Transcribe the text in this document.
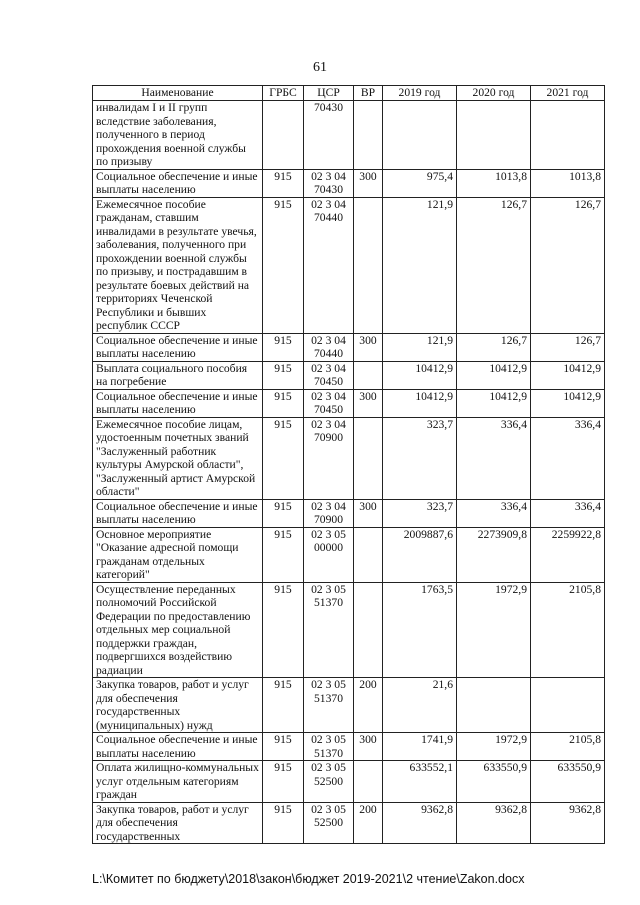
61
Наименование	ГРБС	ЦСР	ВР	2019 год	2020 год	2021 год
инвалидам I и II групп вследствие заболевания, полученного в период прохождения военной службы по призыву		70430				
Социальное обеспечение и иные выплаты населению	915	02 3 04 70430	300	975,4	1013,8	1013,8
Ежемесячное пособие гражданам, ставшим инвалидами в результате увечья, заболевания, полученного при прохождении военной службы по призыву, и пострадавшим в результате боевых действий на территориях Чеченской Республики и бывших республик СССР	915	02 3 04 70440		121,9	126,7	126,7
Социальное обеспечение и иные выплаты населению	915	02 3 04 70440	300	121,9	126,7	126,7
Выплата социального пособия на погребение	915	02 3 04 70450		10412,9	10412,9	10412,9
Социальное обеспечение и иные выплаты населению	915	02 3 04 70450	300	10412,9	10412,9	10412,9
Ежемесячное пособие лицам, удостоенным почетных званий "Заслуженный работник культуры Амурской области", "Заслуженный артист Амурской области"	915	02 3 04 70900		323,7	336,4	336,4
Социальное обеспечение и иные выплаты населению	915	02 3 04 70900	300	323,7	336,4	336,4
Основное мероприятие "Оказание адресной помощи гражданам отдельных категорий"	915	02 3 05 00000		2009887,6	2273909,8	2259922,8
Осуществление переданных полномочий Российской Федерации по предоставлению отдельных мер социальной поддержки граждан, подвергшихся воздействию радиации	915	02 3 05 51370		1763,5	1972,9	2105,8
Закупка товаров, работ и услуг для обеспечения государственных (муниципальных) нужд	915	02 3 05 51370	200	21,6		
Социальное обеспечение и иные выплаты населению	915	02 3 05 51370	300	1741,9	1972,9	2105,8
Оплата жилищно-коммунальных услуг отдельным категориям граждан	915	02 3 05 52500		633552,1	633550,9	633550,9
Закупка товаров, работ и услуг для обеспечения государственных	915	02 3 05 52500	200	9362,8	9362,8	9362,8
L:\Комитет по бюджету\2018\закон\бюджет 2019-2021\2 чтение\Zakon.docx
